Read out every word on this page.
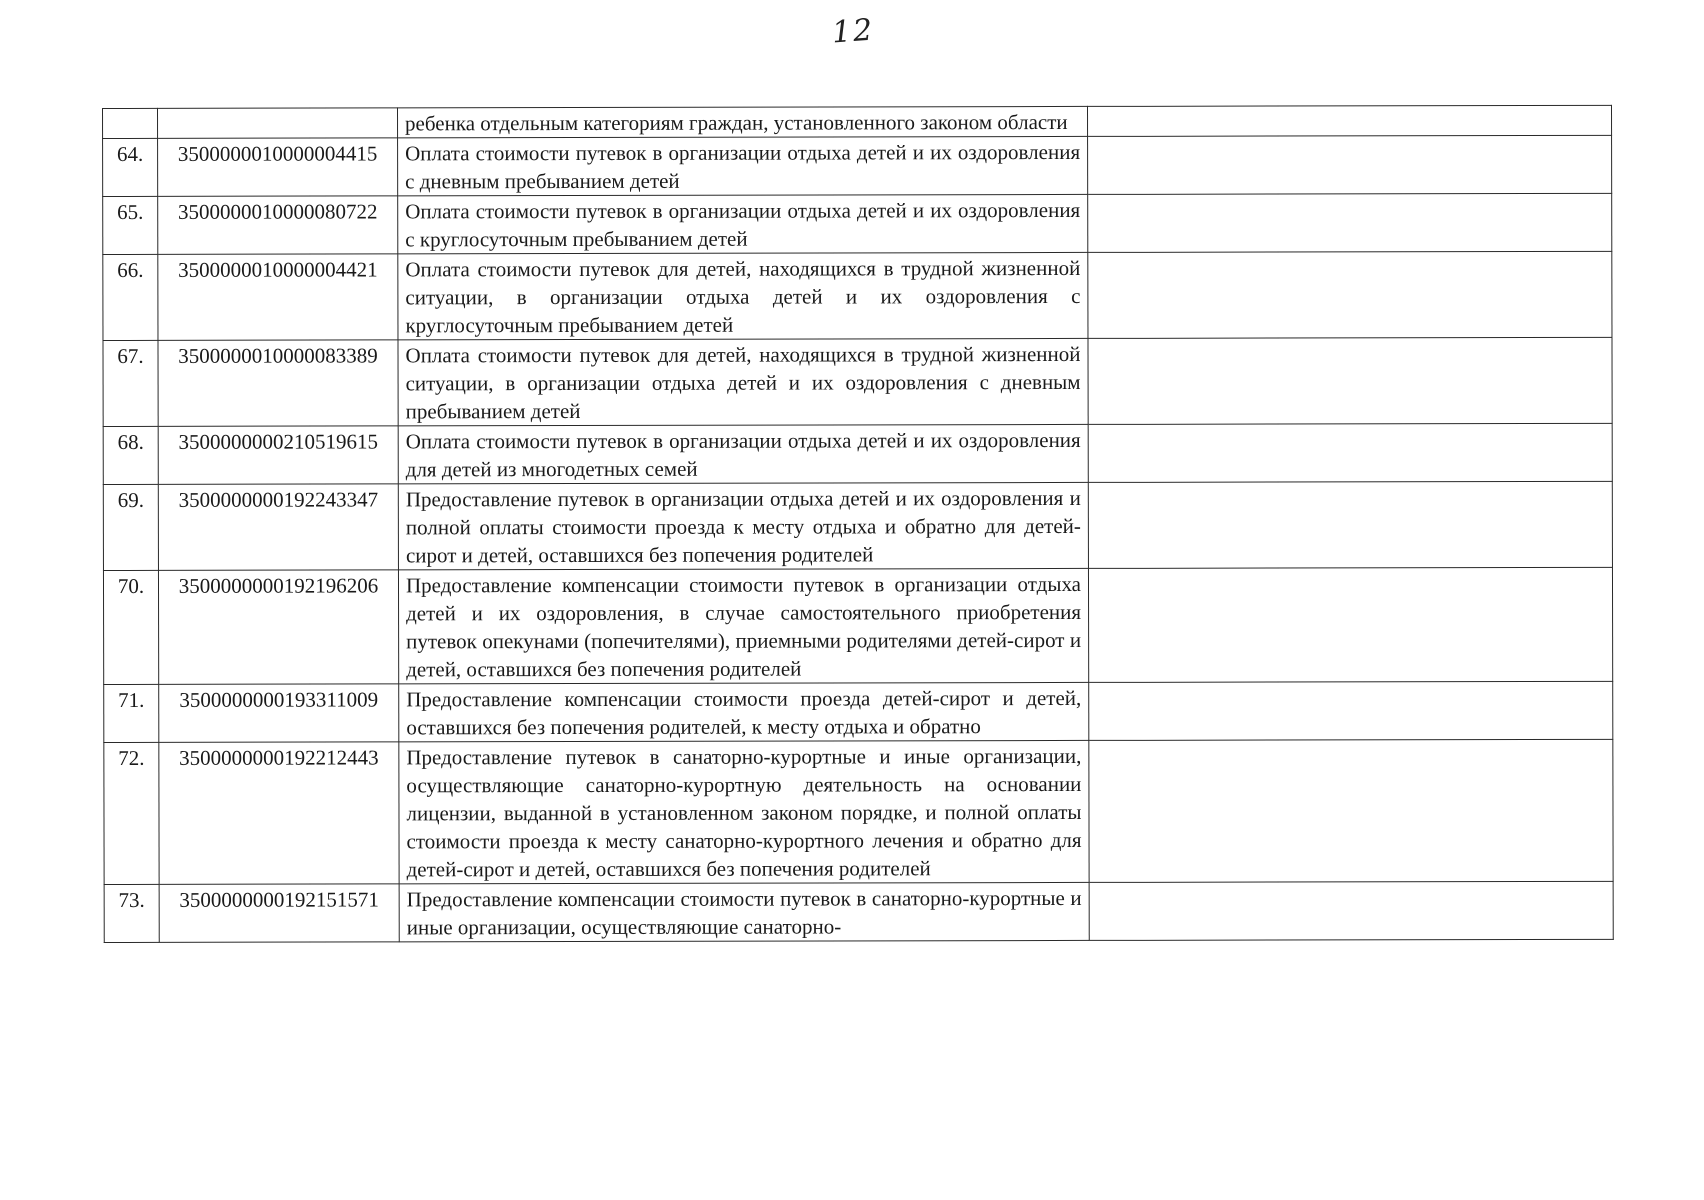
12
		ребенка отдельным категориям граждан, установленного законом области	
64.	3500000010000004415	Оплата стоимости путевок в организации отдыха детей и их оздоровления с дневным пребыванием детей	
65.	3500000010000080722	Оплата стоимости путевок в организации отдыха детей и их оздоровления с круглосуточным пребыванием детей	
66.	3500000010000004421	Оплата стоимости путевок для детей, находящихся в трудной жизненной ситуации, в организации отдыха детей и их оздоровления с круглосуточным пребыванием детей	
67.	3500000010000083389	Оплата стоимости путевок для детей, находящихся в трудной жизненной ситуации, в организации отдыха детей и их оздоровления с дневным пребыванием детей	
68.	3500000000210519615	Оплата стоимости путевок в организации отдыха детей и их оздоровления для детей из многодетных семей	
69.	3500000000192243347	Предоставление путевок в организации отдыха детей и их оздоровления и полной оплаты стоимости проезда к месту отдыха и обратно для детей-сирот и детей, оставшихся без попечения родителей	
70.	3500000000192196206	Предоставление компенсации стоимости путевок в организации отдыха детей и их оздоровления, в случае самостоятельного приобретения путевок опекунами (попечителями), приемными родителями детей-сирот и детей, оставшихся без попечения родителей	
71.	3500000000193311009	Предоставление компенсации стоимости проезда детей-сирот и детей, оставшихся без попечения родителей, к месту отдыха и обратно	
72.	3500000000192212443	Предоставление путевок в санаторно-курортные и иные организации, осуществляющие санаторно-курортную деятельность на основании лицензии, выданной в установленном законом порядке, и полной оплаты стоимости проезда к месту санаторно-курортного лечения и обратно для детей-сирот и детей, оставшихся без попечения родителей	
73.	3500000000192151571	Предоставление компенсации стоимости путевок в санаторно-курортные и иные организации, осуществляющие санаторно-	
